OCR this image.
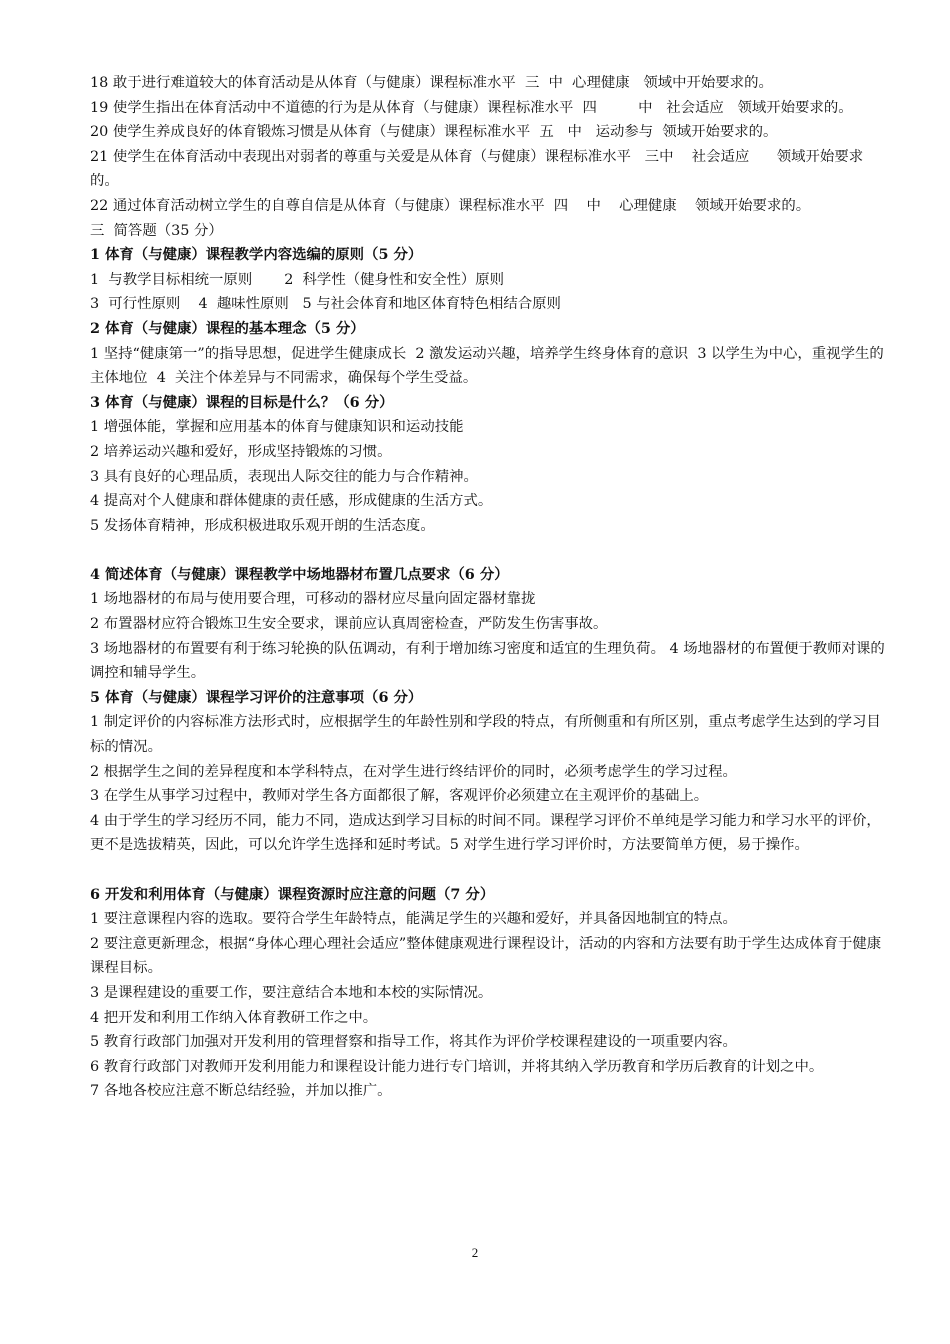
18 敢于进行难道较大的体育活动是从体育（与健康）课程标准水平  三  中  心理健康   领域中开始要求的。

19 使学生指出在体育活动中不道德的行为是从体育（与健康）课程标准水平  四         中   社会适应   领域开始要求的。

20 使学生养成良好的体育锻炼习惯是从体育（与健康）课程标准水平  五   中   运动参与  领域开始要求的。

21 使学生在体育活动中表现出对弱者的尊重与关爱是从体育（与健康）课程标准水平   三中    社会适应      领域开始要求的。

22 通过体育活动树立学生的自尊自信是从体育（与健康）课程标准水平  四    中    心理健康    领域开始要求的。

三  简答题（35 分）

1 体育（与健康）课程教学内容选编的原则（5 分）

1  与教学目标相统一原则       2  科学性（健身性和安全性）原则

3  可行性原则    4  趣味性原则   5 与社会体育和地区体育特色相结合原则

2 体育（与健康）课程的基本理念（5 分）

1 坚持“健康第一”的指导思想，促进学生健康成长  2 激发运动兴趣，培养学生终身体育的意识  3 以学生为中心，重视学生的主体地位  4  关注个体差异与不同需求，确保每个学生受益。

3 体育（与健康）课程的目标是什么？（6 分）

1 增强体能，掌握和应用基本的体育与健康知识和运动技能

2 培养运动兴趣和爱好，形成坚持锻炼的习惯。

3 具有良好的心理品质，表现出人际交往的能力与合作精神。

4 提高对个人健康和群体健康的责任感，形成健康的生活方式。

5 发扬体育精神，形成积极进取乐观开朗的生活态度。

4 简述体育（与健康）课程教学中场地器材布置几点要求（6 分）

1 场地器材的布局与使用要合理，可移动的器材应尽量向固定器材靠拢

2 布置器材应符合锻炼卫生安全要求，课前应认真周密检查，严防发生伤害事故。

3 场地器材的布置要有利于练习轮换的队伍调动，有利于增加练习密度和适宜的生理负荷。 4 场地器材的布置便于教师对课的调控和辅导学生。

5 体育（与健康）课程学习评价的注意事项（6 分）

1 制定评价的内容标准方法形式时，应根据学生的年龄性别和学段的特点，有所侧重和有所区别，重点考虑学生达到的学习目标的情况。

2 根据学生之间的差异程度和本学科特点，在对学生进行终结评价的同时，必须考虑学生的学习过程。

3 在学生从事学习过程中，教师对学生各方面都很了解，客观评价必须建立在主观评价的基础上。

4 由于学生的学习经历不同，能力不同，造成达到学习目标的时间不同。课程学习评价不单纯是学习能力和学习水平的评价，更不是选拔精英，因此，可以允许学生选择和延时考试。5 对学生进行学习评价时，方法要简单方便，易于操作。

6 开发和利用体育（与健康）课程资源时应注意的问题（7 分）

1 要注意课程内容的选取。要符合学生年龄特点，能满足学生的兴趣和爱好，并具备因地制宜的特点。

2 要注意更新理念，根据“身体心理心理社会适应”整体健康观进行课程设计，活动的内容和方法要有助于学生达成体育于健康课程目标。

3 是课程建设的重要工作，要注意结合本地和本校的实际情况。

4 把开发和利用工作纳入体育教研工作之中。

5 教育行政部门加强对开发利用的管理督察和指导工作，将其作为评价学校课程建设的一项重要内容。

6 教育行政部门对教师开发利用能力和课程设计能力进行专门培训，并将其纳入学历教育和学历后教育的计划之中。

7 各地各校应注意不断总结经验，并加以推广。

2
